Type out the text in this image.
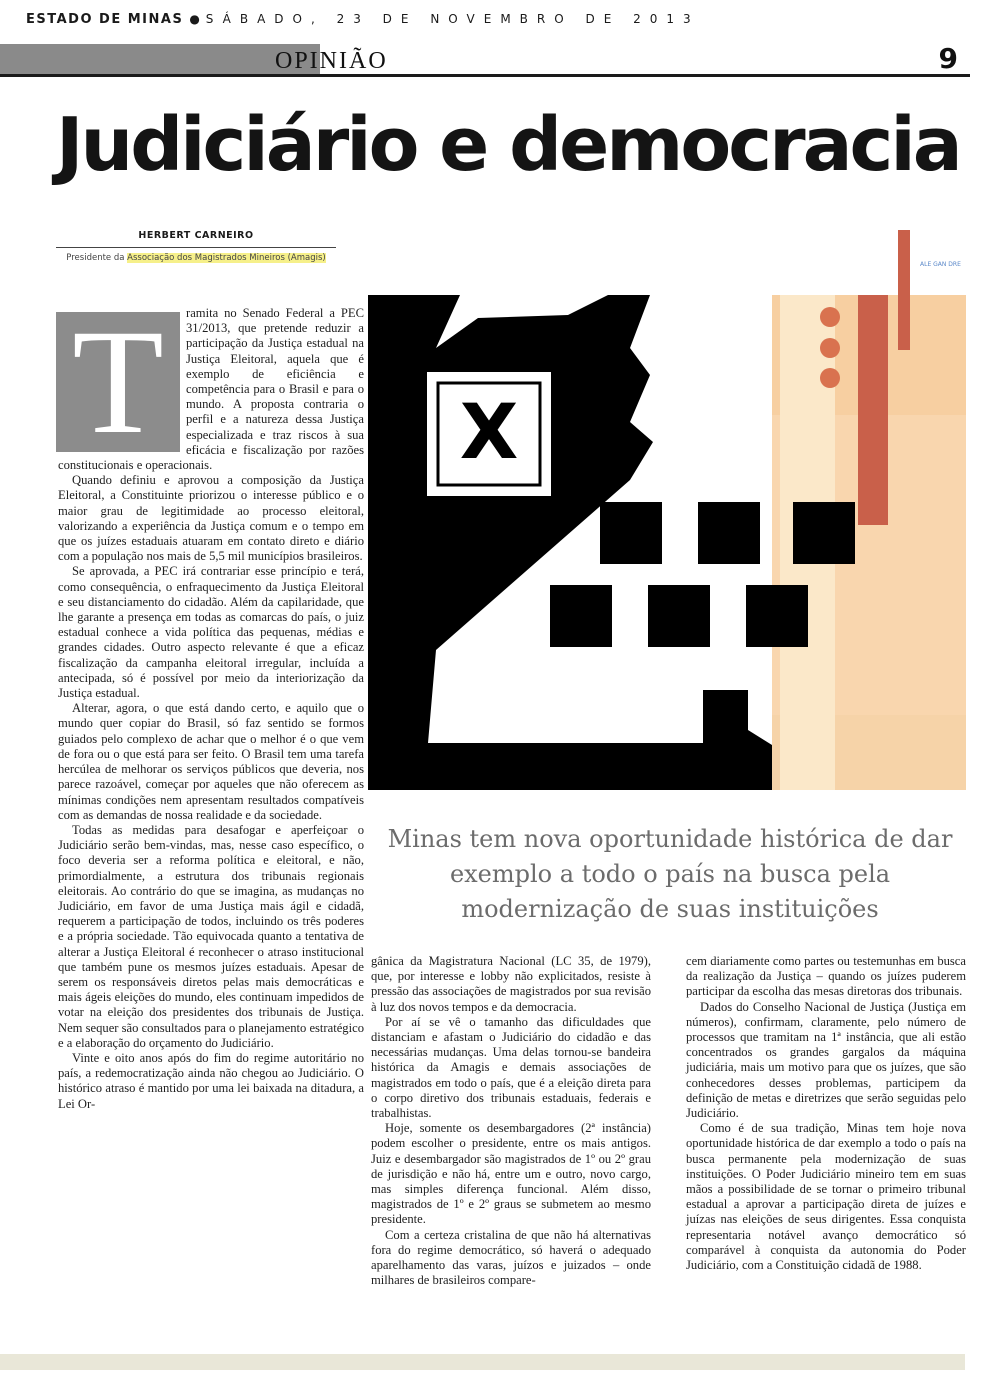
ESTADO DE MINAS ● SÁBADO, 23 DE NOVEMBRO DE 2013
OPINIÃO	9
Judiciário e democracia
HERBERT CARNEIRO
Presidente da Associação dos Magistrados Mineiros (Amagis)
ALE GAN DRE
X
T	ramita no Senado Federal a PEC 31/2013, que pretende reduzir a participação da Justiça estadual na Justiça Eleitoral, aquela que é exemplo de eficiência e competência para o Brasil e para o mundo. A proposta contraria o perfil e a natureza dessa Justiça especializada e traz riscos à sua eficácia e fiscalização por razões constitucionais e operacionais.

Quando definiu e aprovou a composição da Justiça Eleitoral, a Constituinte priorizou o interesse público e o maior grau de legitimidade ao processo eleitoral, valorizando a experiência da Justiça comum e o tempo em que os juízes estaduais atuaram em contato direto e diário com a população nos mais de 5,5 mil municípios brasileiros.

Se aprovada, a PEC irá contrariar esse princípio e terá, como consequência, o enfraquecimento da Justiça Eleitoral e seu distanciamento do cidadão. Além da capilaridade, que lhe garante a presença em todas as comarcas do país, o juiz estadual conhece a vida política das pequenas, médias e grandes cidades. Outro aspecto relevante é que a eficaz fiscalização da campanha eleitoral irregular, incluída a antecipada, só é possível por meio da interiorização da Justiça estadual.

Alterar, agora, o que está dando certo, e aquilo que o mundo quer copiar do Brasil, só faz sentido se formos guiados pelo complexo de achar que o melhor é o que vem de fora ou o que está para ser feito. O Brasil tem uma tarefa hercúlea de melhorar os serviços públicos que deveria, nos parece razoável, começar por aqueles que não oferecem as mínimas condições nem apresentam resultados compatíveis com as demandas de nossa realidade e da sociedade.

Todas as medidas para desafogar e aperfeiçoar o Judiciário serão bem-vindas, mas, nesse caso específico, o foco deveria ser a reforma política e eleitoral, e não, primordialmente, a estrutura dos tribunais regionais eleitorais. Ao contrário do que se imagina, as mudanças no Judiciário, em favor de uma Justiça mais ágil e cidadã, requerem a participação de todos, incluindo os três poderes e a própria sociedade. Tão equivocada quanto a tentativa de alterar a Justiça Eleitoral é reconhecer o atraso institucional que também pune os mesmos juízes estaduais. Apesar de serem os responsáveis diretos pelas mais democráticas e mais ágeis eleições do mundo, eles continuam impedidos de votar na eleição dos presidentes dos tribunais de Justiça. Nem sequer são consultados para o planejamento estratégico e a elaboração do orçamento do Judiciário.

Vinte e oito anos após do fim do regime autoritário no país, a redemocratização ainda não chegou ao Judiciário. O histórico atraso é mantido por uma lei baixada na ditadura, a Lei Or-

Minas tem nova oportunidade histórica de dar exemplo a todo o país na busca pela modernização de suas instituições

gânica da Magistratura Nacional (LC 35, de 1979), que, por interesse e lobby não explicitados, resiste à pressão das associações de magistrados por sua revisão à luz dos novos tempos e da democracia.

Por aí se vê o tamanho das dificuldades que distanciam e afastam o Judiciário do cidadão e das necessárias mudanças. Uma delas tornou-se bandeira histórica da Amagis e demais associações de magistrados em todo o país, que é a eleição direta para o corpo diretivo dos tribunais estaduais, federais e trabalhistas.

Hoje, somente os desembargadores (2ª instância) podem escolher o presidente, entre os mais antigos. Juiz e desembargador são magistrados de 1º ou 2º grau de jurisdição e não há, entre um e outro, novo cargo, mas simples diferença funcional. Além disso, magistrados de 1º e 2º graus se submetem ao mesmo presidente.

Com a certeza cristalina de que não há alternativas fora do regime democrático, só haverá o adequado aparelhamento das varas, juízos e juizados – onde milhares de brasileiros compare-

cem diariamente como partes ou testemunhas em busca da realização da Justiça – quando os juízes puderem participar da escolha das mesas diretoras dos tribunais.

Dados do Conselho Nacional de Justiça (Justiça em números), confirmam, claramente, pelo número de processos que tramitam na 1ª instância, que ali estão concentrados os grandes gargalos da máquina judiciária, mais um motivo para que os juízes, que são conhecedores desses problemas, participem da definição de metas e diretrizes que serão seguidas pelo Judiciário.

Como é de sua tradição, Minas tem hoje nova oportunidade histórica de dar exemplo a todo o país na busca permanente pela modernização de suas instituições. O Poder Judiciário mineiro tem em suas mãos a possibilidade de se tornar o primeiro tribunal estadual a aprovar a participação direta de juízes e juízas nas eleições de seus dirigentes. Essa conquista representaria notável avanço democrático só comparável à conquista da autonomia do Poder Judiciário, com a Constituição cidadã de 1988.
